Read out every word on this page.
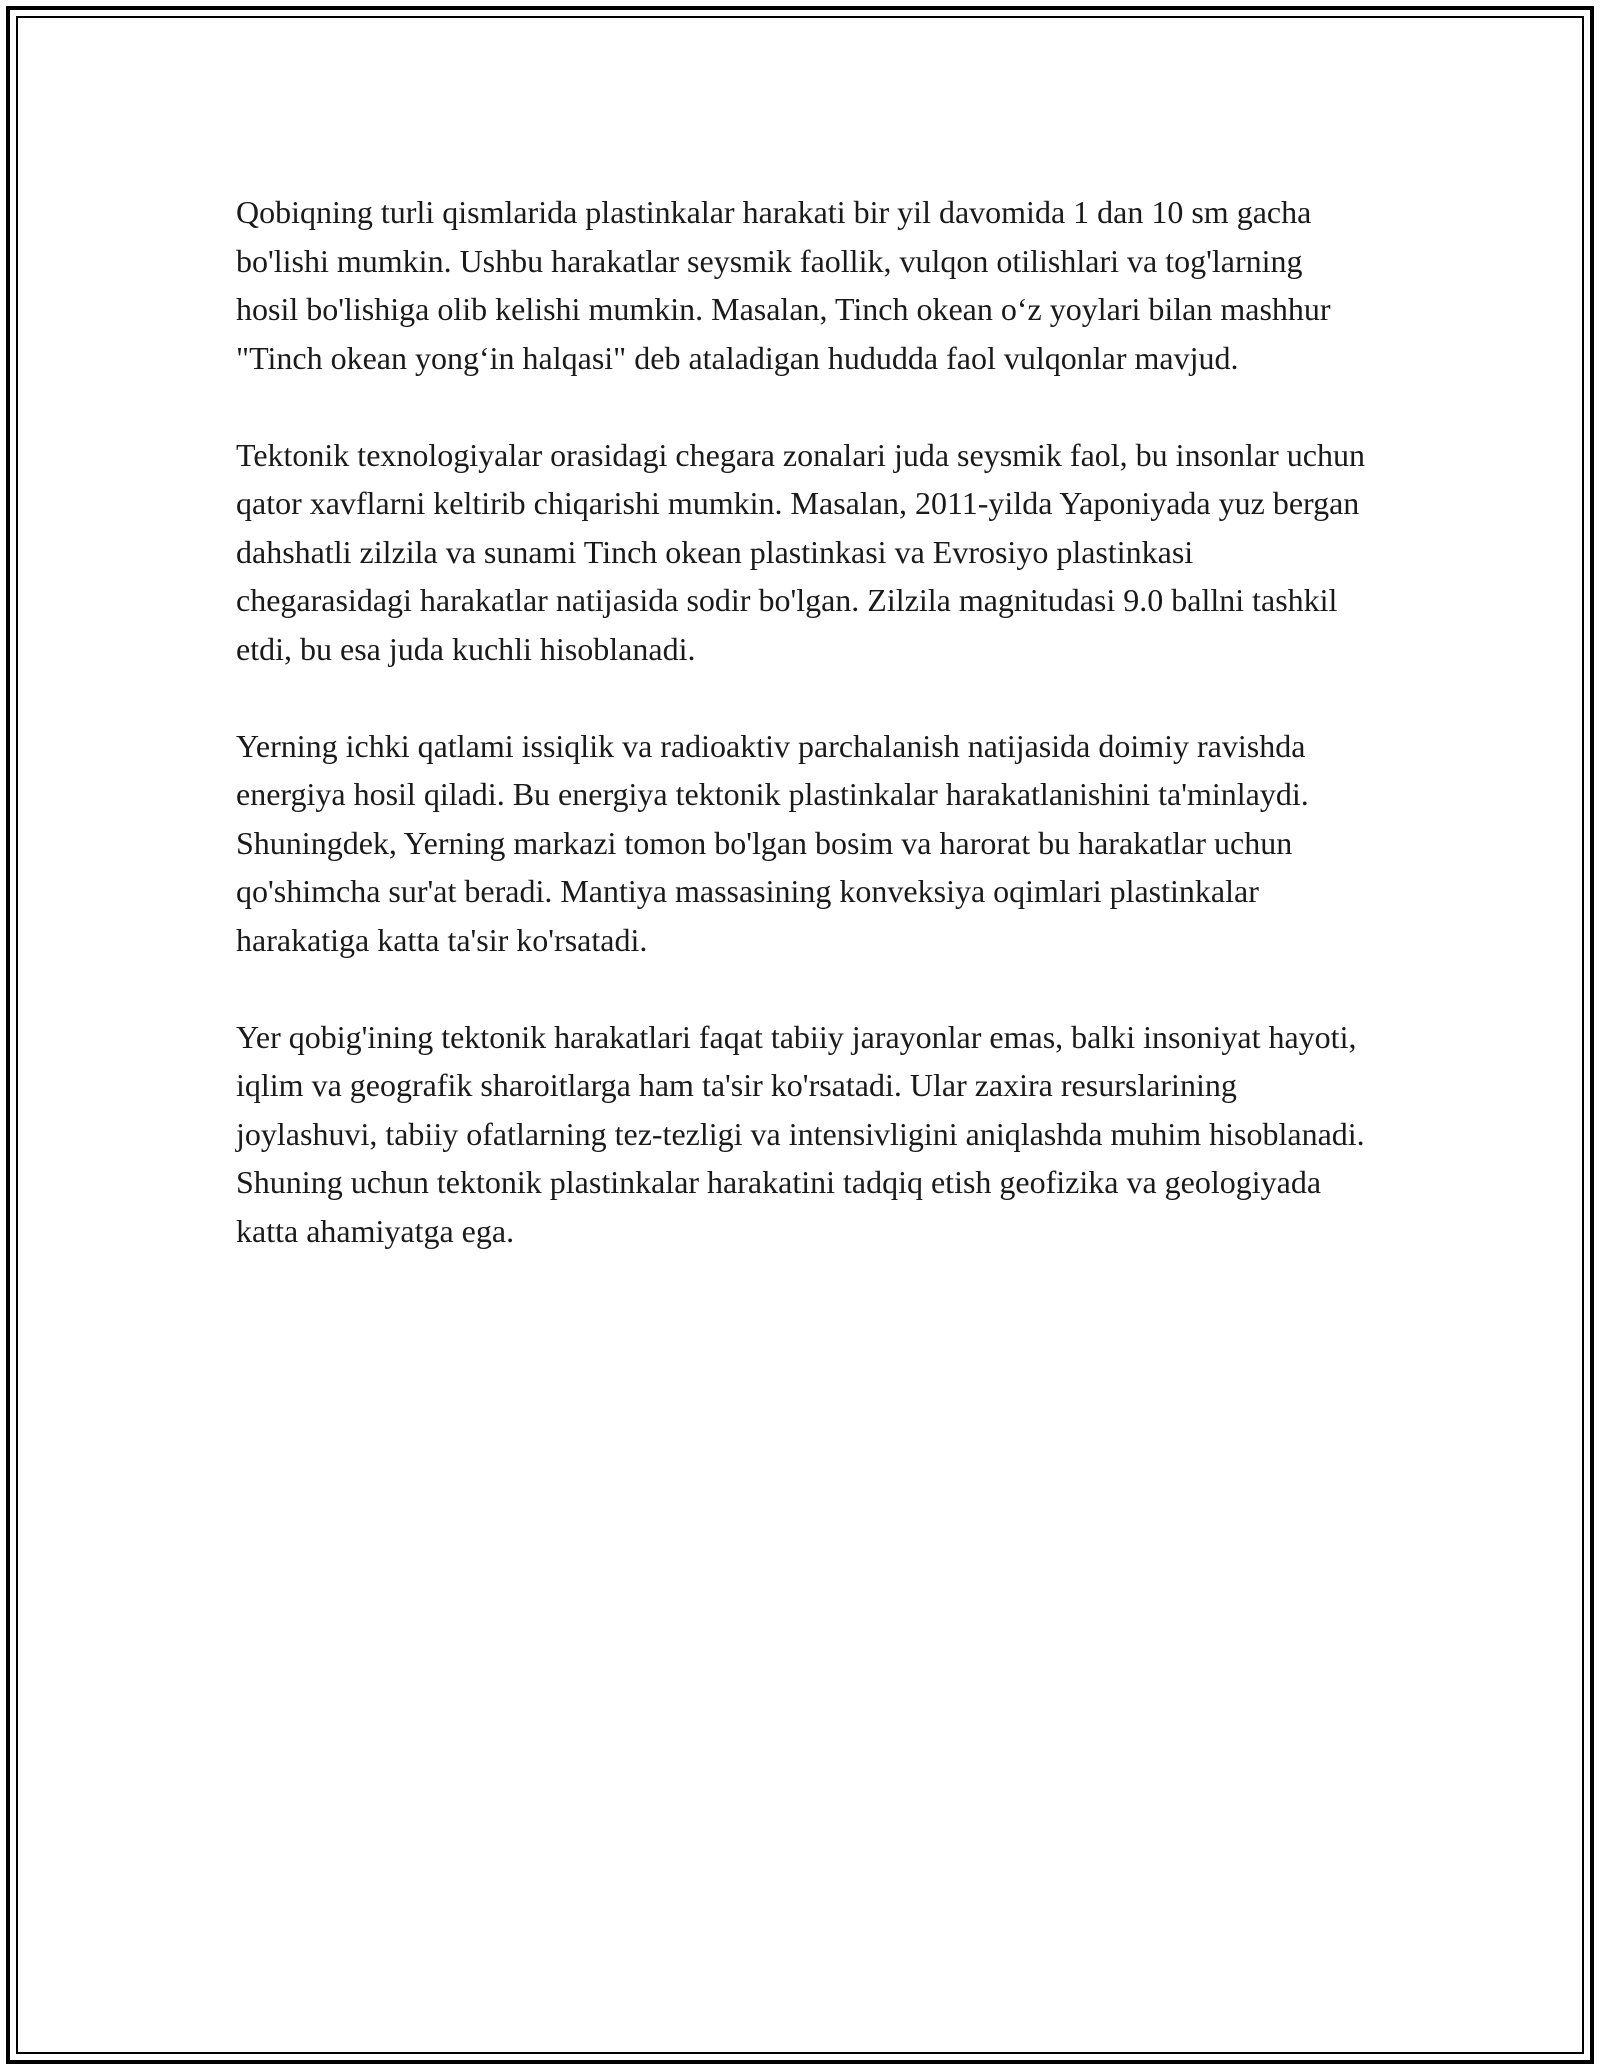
Qobiqning turli qismlarida plastinkalar harakati bir yil davomida 1 dan 10 sm gacha bo'lishi mumkin. Ushbu harakatlar seysmik faollik, vulqon otilishlari va tog'larning hosil bo'lishiga olib kelishi mumkin. Masalan, Tinch okean o‘z yoylari bilan mashhur "Tinch okean yong‘in halqasi" deb ataladigan hududda faol vulqonlar mavjud.

Tektonik texnologiyalar orasidagi chegara zonalari juda seysmik faol, bu insonlar uchun qator xavflarni keltirib chiqarishi mumkin. Masalan, 2011-yilda Yaponiyada yuz bergan dahshatli zilzila va sunami Tinch okean plastinkasi va Evrosiyo plastinkasi chegarasidagi harakatlar natijasida sodir bo'lgan. Zilzila magnitudasi 9.0 ballni tashkil etdi, bu esa juda kuchli hisoblanadi.

Yerning ichki qatlami issiqlik va radioaktiv parchalanish natijasida doimiy ravishda energiya hosil qiladi. Bu energiya tektonik plastinkalar harakatlanishini ta'minlaydi. Shuningdek, Yerning markazi tomon bo'lgan bosim va harorat bu harakatlar uchun qo'shimcha sur'at beradi. Mantiya massasining konveksiya oqimlari plastinkalar harakatiga katta ta'sir ko'rsatadi.

Yer qobig'ining tektonik harakatlari faqat tabiiy jarayonlar emas, balki insoniyat hayoti, iqlim va geografik sharoitlarga ham ta'sir ko'rsatadi. Ular zaxira resurslarining joylashuvi, tabiiy ofatlarning tez-tezligi va intensivligini aniqlashda muhim hisoblanadi. Shuning uchun tektonik plastinkalar harakatini tadqiq etish geofizika va geologiyada katta ahamiyatga ega.
